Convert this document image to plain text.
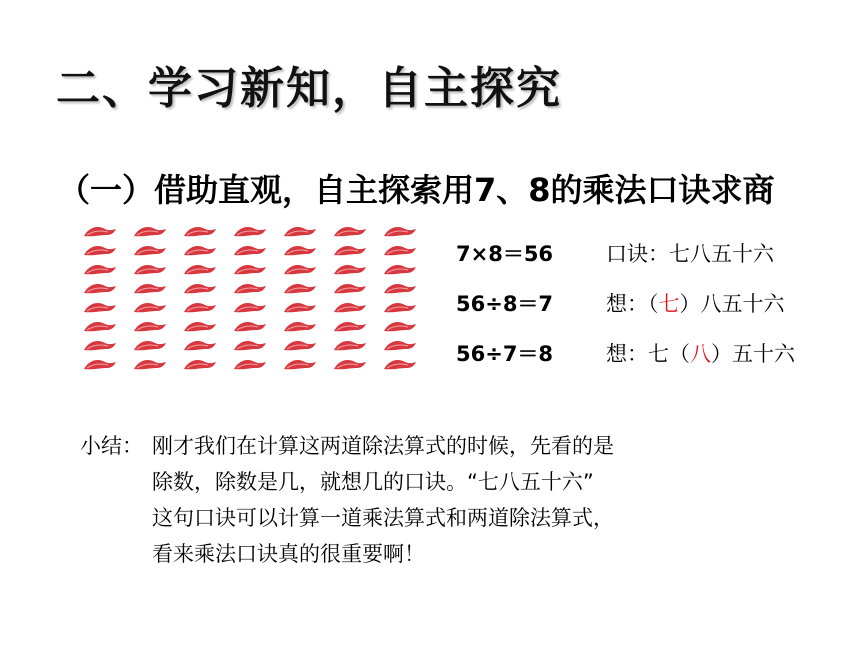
二、学习新知，自主探究
（一）借助直观，自主探索用7、8的乘法口诀求商
7×8＝56	口诀：七八五十六
56÷8＝7	想：（七）八五十六
56÷7＝8	想：七（八）五十六
小结： 刚才我们在计算这两道除法算式的时候，先看的是
除数，除数是几，就想几的口诀。“七八五十六”
这句口诀可以计算一道乘法算式和两道除法算式，
看来乘法口诀真的很重要啊！
